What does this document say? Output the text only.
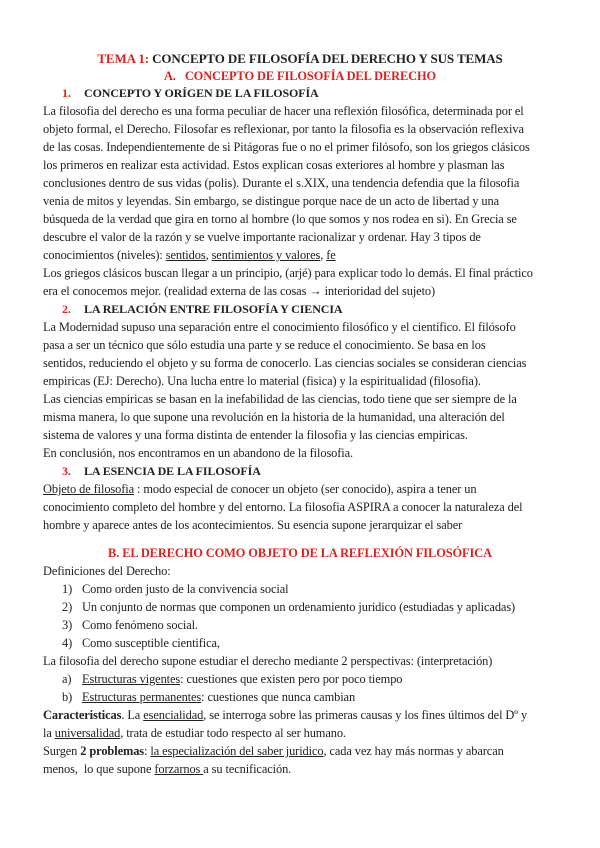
TEMA 1: CONCEPTO DE FILOSOFÍA DEL DERECHO Y SUS TEMAS
A. CONCEPTO DE FILOSOFÍA DEL DERECHO
1. CONCEPTO Y ORÍGEN DE LA FILOSOFÍA
La filosofia del derecho es una forma peculiar de hacer una reflexión filosófica, determinada por el
objeto formal, el Derecho. Filosofar es reflexionar, por tanto la filosofia es la observación reflexiva
de las cosas. Independientemente de si Pitágoras fue o no el primer filósofo, son los griegos clásicos
los primeros en realizar esta actividad. Estos explican cosas exteriores al hombre y plasman las
conclusiones dentro de sus vidas (polis). Durante el s.XIX, una tendencia defendia que la filosofia
venia de mitos y leyendas. Sin embargo, se distingue porque nace de un acto de libertad y una
búsqueda de la verdad que gira en torno al hombre (lo que somos y nos rodea en si). En Grecia se
descubre el valor de la razón y se vuelve importante racionalizar y ordenar. Hay 3 tipos de
conocimientos (niveles): sentidos, sentimientos y valores, fe
Los griegos clásicos buscan llegar a un principio, (arjé) para explicar todo lo demás. El final práctico
era el conocemos mejor. (realidad externa de las cosas → interioridad del sujeto)
2. LA RELACIÓN ENTRE FILOSOFÍA Y CIENCIA
La Modernidad supuso una separación entre el conocimiento filosófico y el científico. El filósofo
pasa a ser un técnico que sólo estudia una parte y se reduce el conocimiento. Se basa en los
sentidos, reduciendo el objeto y su forma de conocerlo. Las ciencias sociales se consideran ciencias
empiricas (EJ: Derecho). Una lucha entre lo material (fisica) y la espiritualidad (filosofia).
Las ciencias empiricas se basan en la inefabilidad de las ciencias, todo tiene que ser siempre de la
misma manera, lo que supone una revolución en la historia de la humanidad, una alteración del
sistema de valores y una forma distinta de entender la filosofia y las ciencias empiricas.
En conclusión, nos encontramos en un abandono de la filosofia.
3. LA ESENCIA DE LA FILOSOFÍA
Objeto de filosofia : modo especial de conocer un objeto (ser conocido), aspira a tener un
conocimiento completo del hombre y del entorno. La filosofia ASPIRA a conocer la naturaleza del
hombre y aparece antes de los acontecimientos. Su esencia supone jerarquizar el saber
B. EL DERECHO COMO OBJETO DE LA REFLEXIÓN FILOSÓFICA
Definiciones del Derecho:
1) Como orden justo de la convivencia social
2) Un conjunto de normas que componen un ordenamiento juridico (estudiadas y aplicadas)
3) Como fenómeno social.
4) Como susceptible cientifica,
La filosofia del derecho supone estudiar el derecho mediante 2 perspectivas: (interpretación)
a) Estructuras vigentes: cuestiones que existen pero por poco tiempo
b) Estructuras permanentes: cuestiones que nunca cambian
Caracteristicas. La esencialidad, se interroga sobre las primeras causas y los fines últimos del Dº y
la universalidad, trata de estudiar todo respecto al ser humano.
Surgen 2 problemas: la especialización del saber juridico, cada vez hay más normas y abarcan
menos,  lo que supone forzarnos a su tecnificación.
